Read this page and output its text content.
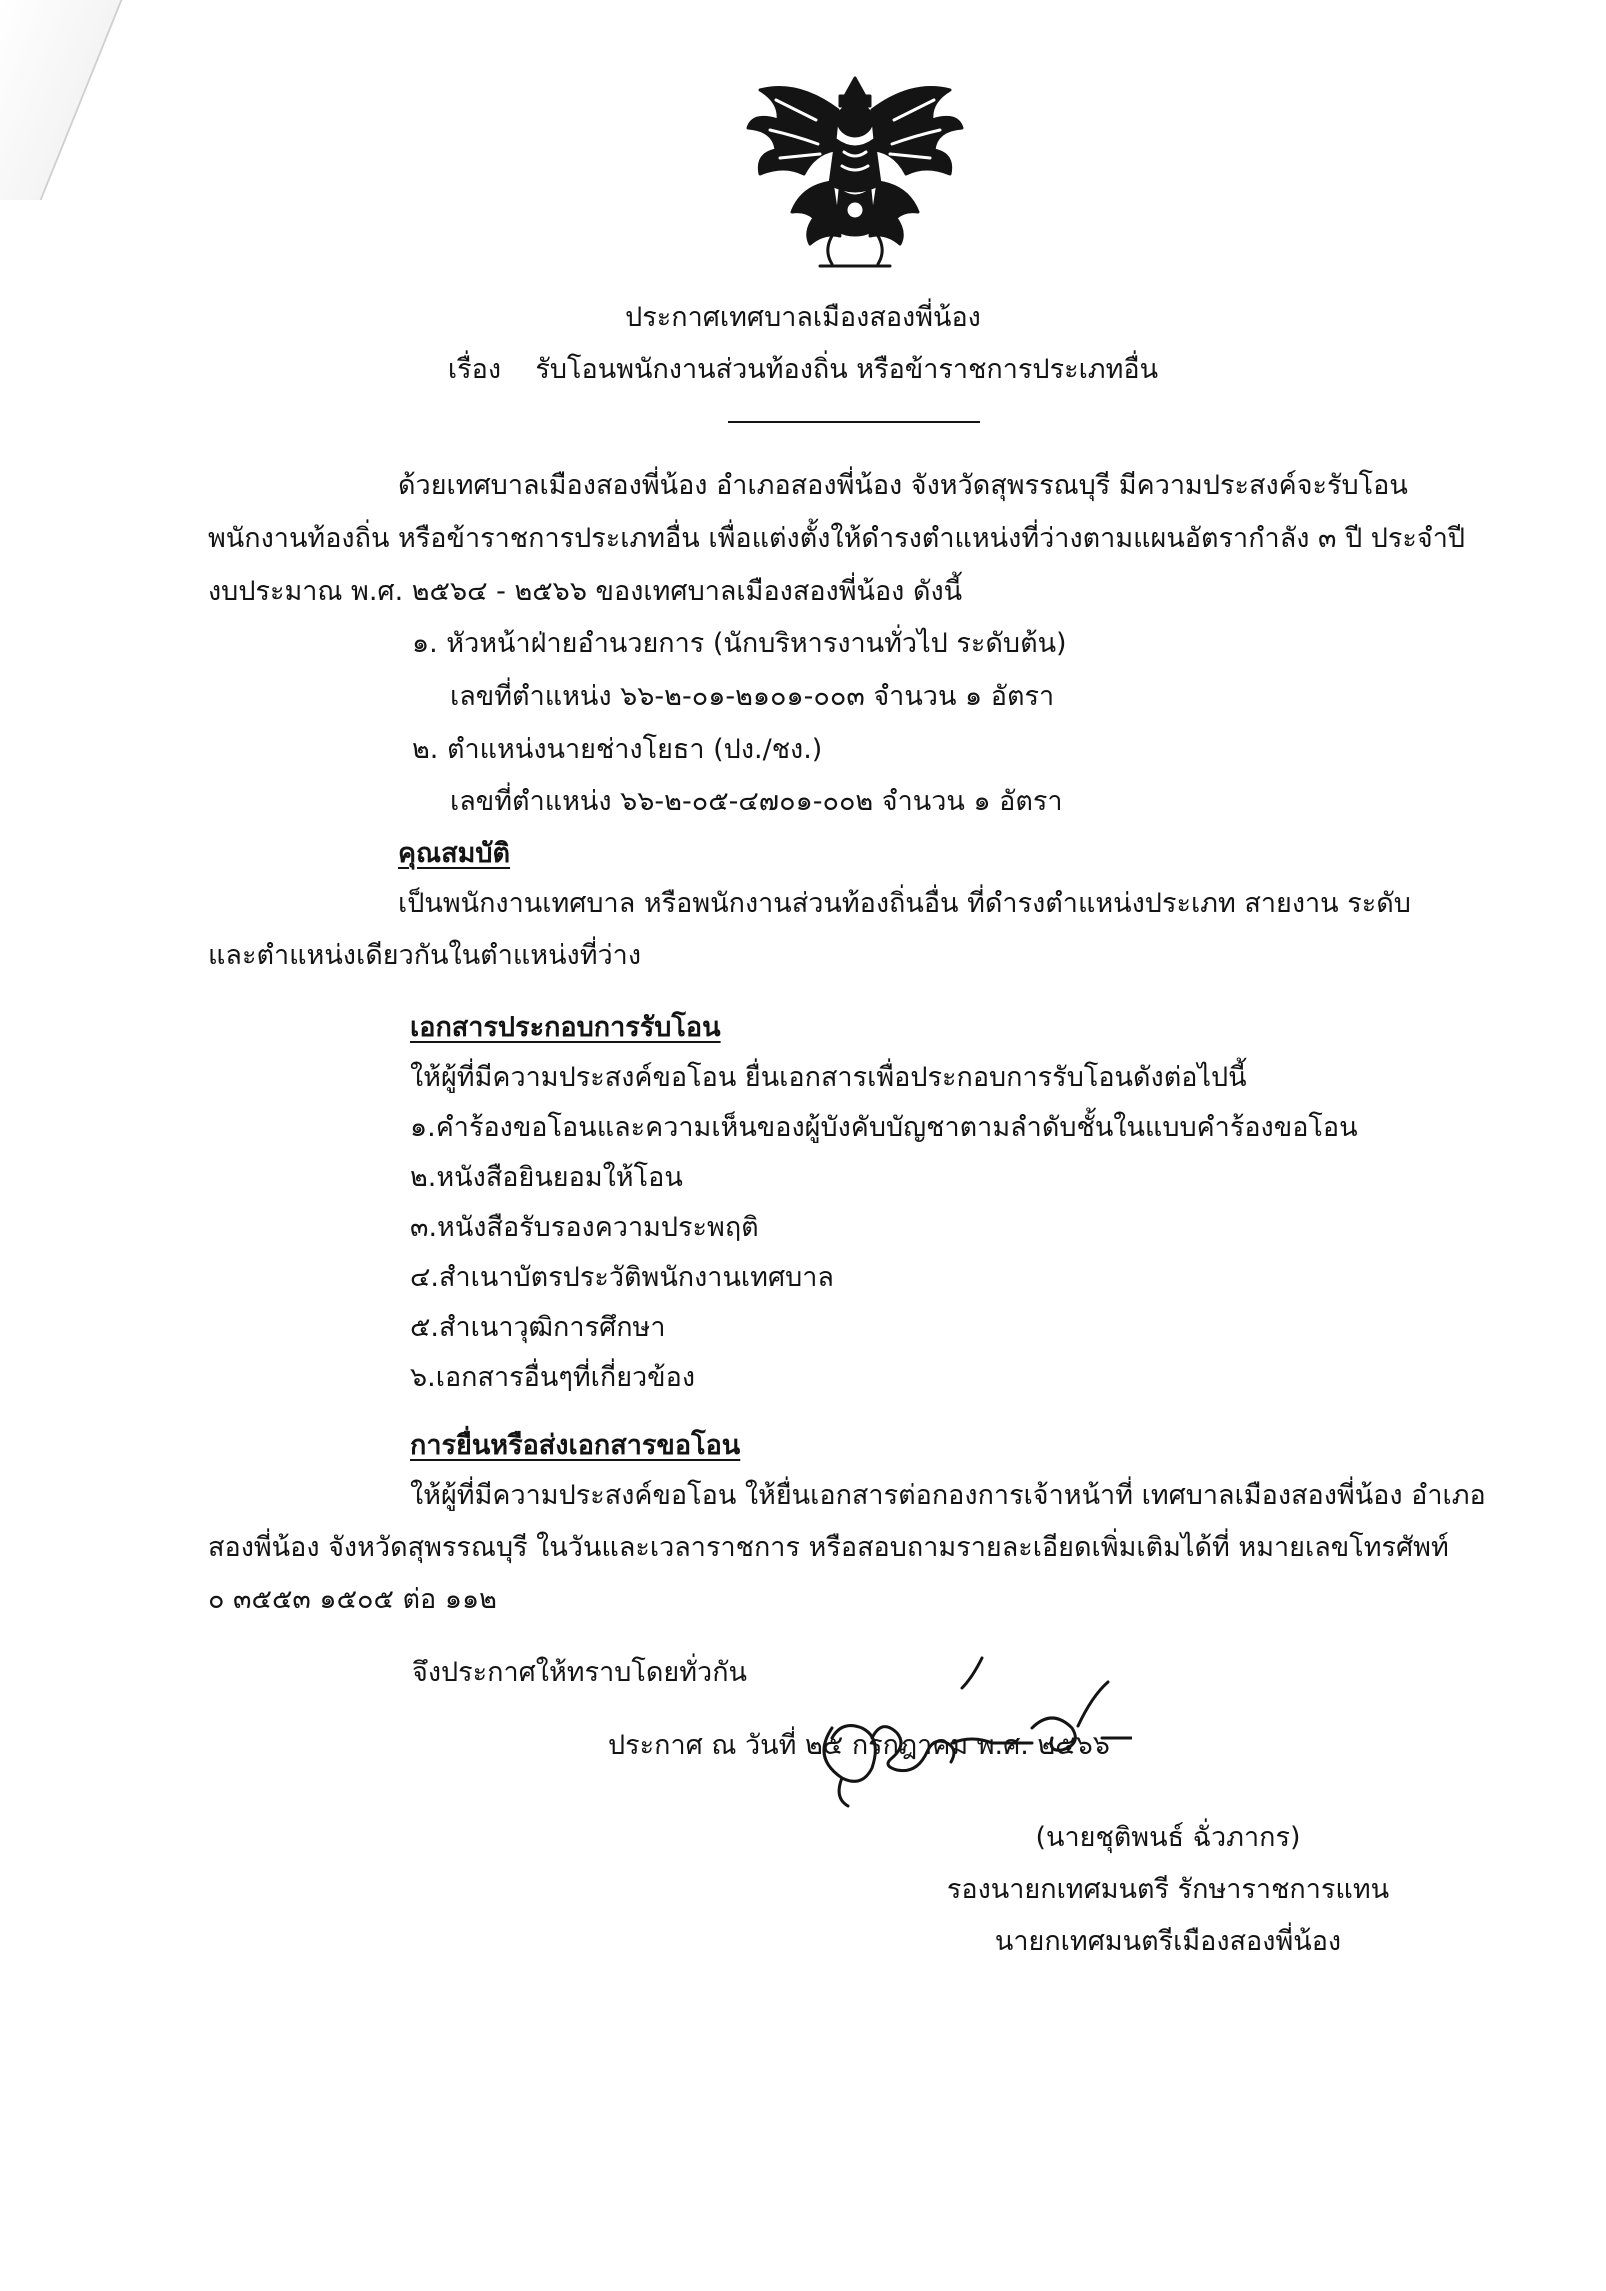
ประกาศเทศบาลเมืองสองพี่น้อง
เรื่อง รับโอนพนักงานส่วนท้องถิ่น หรือข้าราชการประเภทอื่น
ด้วยเทศบาลเมืองสองพี่น้อง อำเภอสองพี่น้อง จังหวัดสุพรรณบุรี มีความประสงค์จะรับโอน
พนักงานท้องถิ่น หรือข้าราชการประเภทอื่น เพื่อแต่งตั้งให้ดำรงตำแหน่งที่ว่างตามแผนอัตรากำลัง ๓ ปี ประจำปี
งบประมาณ พ.ศ. ๒๕๖๔ - ๒๕๖๖ ของเทศบาลเมืองสองพี่น้อง ดังนี้
๑. หัวหน้าฝ่ายอำนวยการ (นักบริหารงานทั่วไป ระดับต้น)
เลขที่ตำแหน่ง ๖๖-๒-๐๑-๒๑๐๑-๐๐๓ จำนวน ๑ อัตรา
๒. ตำแหน่งนายช่างโยธา (ปง./ชง.)
เลขที่ตำแหน่ง ๖๖-๒-๐๕-๔๗๐๑-๐๐๒ จำนวน ๑ อัตรา
คุณสมบัติ
เป็นพนักงานเทศบาล หรือพนักงานส่วนท้องถิ่นอื่น ที่ดำรงตำแหน่งประเภท สายงาน ระดับ
และตำแหน่งเดียวกันในตำแหน่งที่ว่าง
เอกสารประกอบการรับโอน
ให้ผู้ที่มีความประสงค์ขอโอน ยื่นเอกสารเพื่อประกอบการรับโอนดังต่อไปนี้
๑.คำร้องขอโอนและความเห็นของผู้บังคับบัญชาตามลำดับชั้นในแบบคำร้องขอโอน
๒.หนังสือยินยอมให้โอน
๓.หนังสือรับรองความประพฤติ
๔.สำเนาบัตรประวัติพนักงานเทศบาล
๕.สำเนาวุฒิการศึกษา
๖.เอกสารอื่นๆที่เกี่ยวข้อง
การยื่นหรือส่งเอกสารขอโอน
ให้ผู้ที่มีความประสงค์ขอโอน ให้ยื่นเอกสารต่อกองการเจ้าหน้าที่ เทศบาลเมืองสองพี่น้อง อำเภอ
สองพี่น้อง จังหวัดสุพรรณบุรี ในวันและเวลาราชการ หรือสอบถามรายละเอียดเพิ่มเติมได้ที่ หมายเลขโทรศัพท์
๐ ๓๕๕๓ ๑๕๐๕ ต่อ ๑๑๒
จึงประกาศให้ทราบโดยทั่วกัน
ประกาศ ณ วันที่ ๒๕ กรกฎาคม พ.ศ. ๒๕๖๖
(นายชุติพนธ์ ฉั่วภากร)
รองนายกเทศมนตรี รักษาราชการแทน
นายกเทศมนตรีเมืองสองพี่น้อง
